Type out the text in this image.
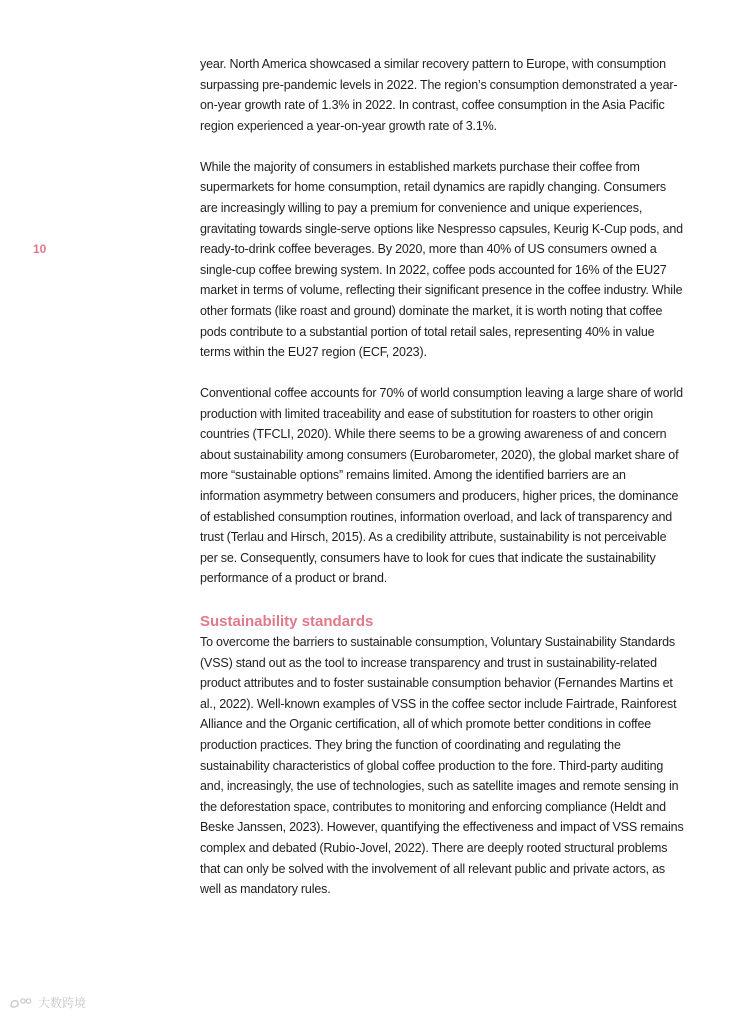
10

year. North America showcased a similar recovery pattern to Europe, with consumption surpassing pre-pandemic levels in 2022. The region’s consumption demonstrated a year-on-year growth rate of 1.3% in 2022. In contrast, coffee consumption in the Asia Pacific region experienced a year-on-year growth rate of 3.1%.

While the majority of consumers in established markets purchase their coffee from supermarkets for home consumption, retail dynamics are rapidly changing. Consumers are increasingly willing to pay a premium for convenience and unique experiences, gravitating towards single-serve options like Nespresso capsules, Keurig K-Cup pods, and ready-to-drink coffee beverages. By 2020, more than 40% of US consumers owned a single-cup coffee brewing system. In 2022, coffee pods accounted for 16% of the EU27 market in terms of volume, reflecting their significant presence in the coffee industry. While other formats (like roast and ground) dominate the market, it is worth noting that coffee pods contribute to a substantial portion of total retail sales, representing 40% in value terms within the EU27 region (ECF, 2023).

Conventional coffee accounts for 70% of world consumption leaving a large share of world production with limited traceability and ease of substitution for roasters to other origin countries (TFCLI, 2020). While there seems to be a growing awareness of and concern about sustainability among consumers (Eurobarometer, 2020), the global market share of more “sustainable options” remains limited. Among the identified barriers are an information asymmetry between consumers and producers, higher prices, the dominance of established consumption routines, information overload, and lack of transparency and trust (Terlau and Hirsch, 2015). As a credibility attribute, sustainability is not perceivable per se. Consequently, consumers have to look for cues that indicate the sustainability performance of a product or brand.

Sustainability standards

To overcome the barriers to sustainable consumption, Voluntary Sustainability Standards (VSS) stand out as the tool to increase transparency and trust in sustainability-related product attributes and to foster sustainable consumption behavior (Fernandes Martins et al., 2022). Well-known examples of VSS in the coffee sector include Fairtrade, Rainforest Alliance and the Organic certification, all of which promote better conditions in coffee production practices. They bring the function of coordinating and regulating the sustainability characteristics of global coffee production to the fore. Third-party auditing and, increasingly, the use of technologies, such as satellite images and remote sensing in the deforestation space, contributes to monitoring and enforcing compliance (Heldt and Beske Janssen, 2023). However, quantifying the effectiveness and impact of VSS remains complex and debated (Rubio-Jovel, 2022). There are deeply rooted structural problems that can only be solved with the involvement of all relevant public and private actors, as well as mandatory rules.

大数跨境
